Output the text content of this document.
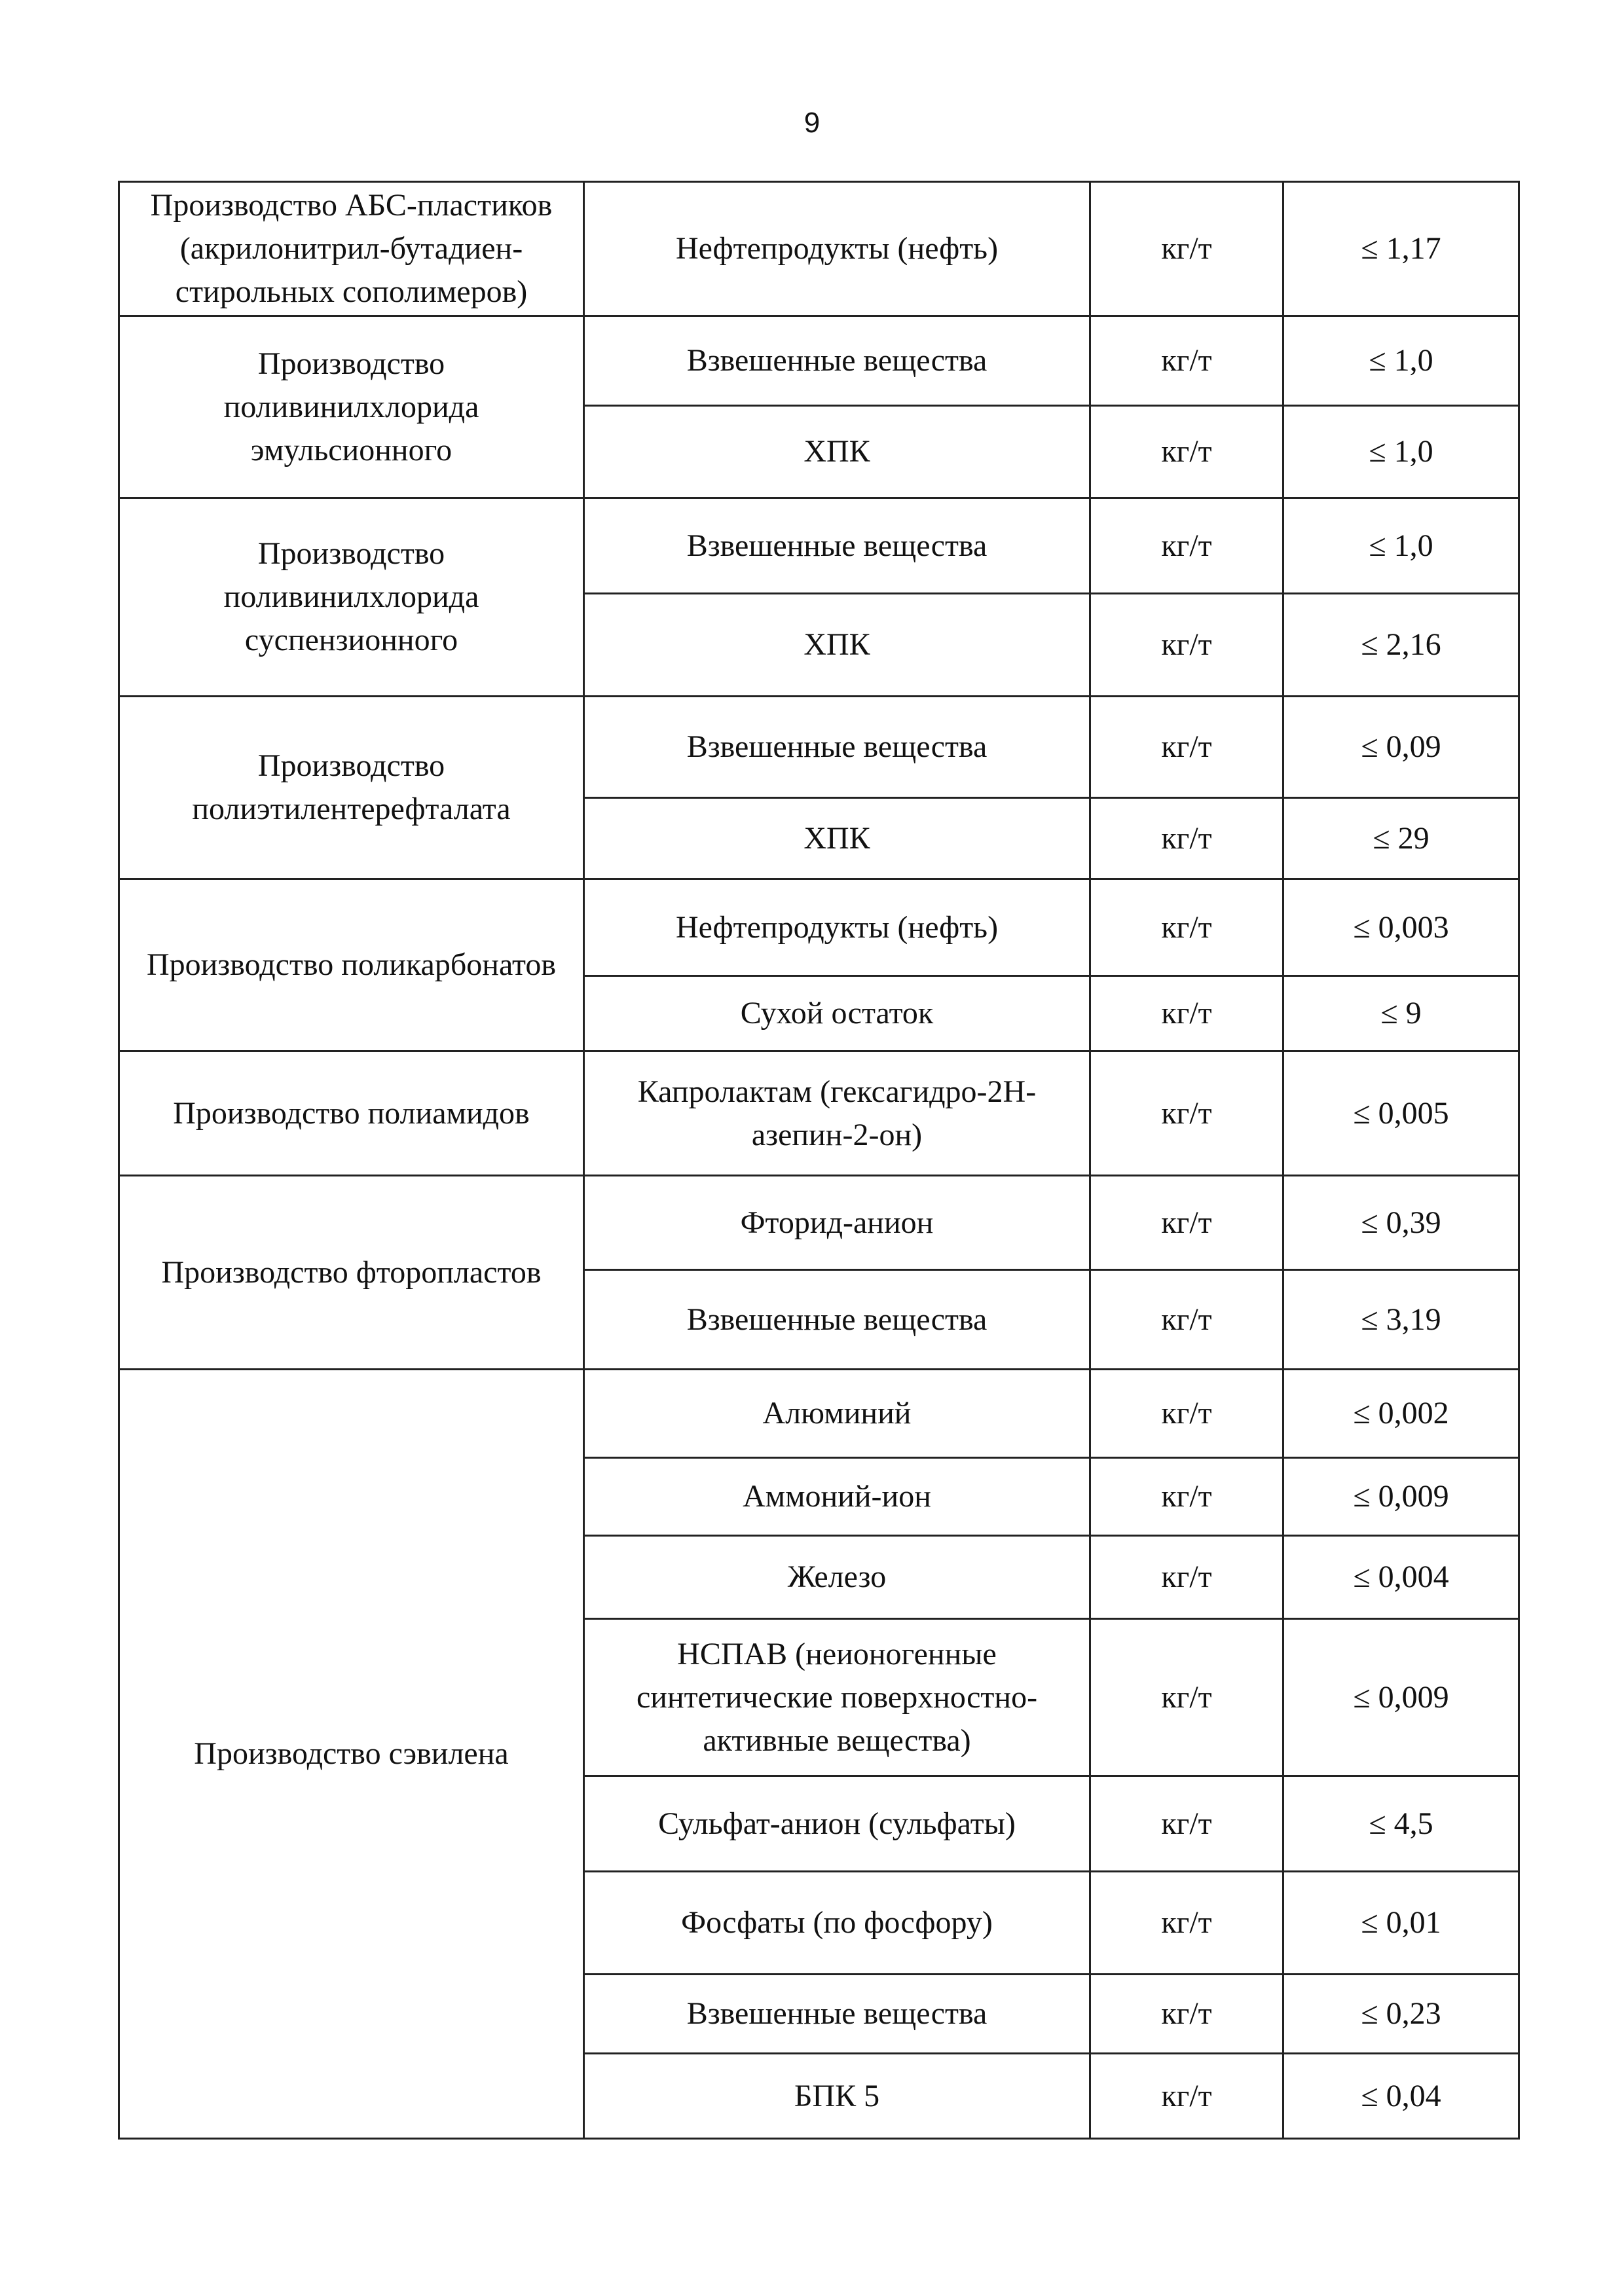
9
Производство АБС-пластиков (акрилонитрил-бутадиен-стирольных сополимеров)	Нефтепродукты (нефть)	кг/т	≤ 1,17
Производство поливинилхлорида эмульсионного	Взвешенные вещества	кг/т	≤ 1,0
	ХПК	кг/т	≤ 1,0
Производство поливинилхлорида суспензионного	Взвешенные вещества	кг/т	≤ 1,0
	ХПК	кг/т	≤ 2,16
Производство полиэтилентерефталата	Взвешенные вещества	кг/т	≤ 0,09
	ХПК	кг/т	≤ 29
Производство поликарбонатов	Нефтепродукты (нефть)	кг/т	≤ 0,003
	Сухой остаток	кг/т	≤ 9
Производство полиамидов	Капролактам (гексагидро-2Н-азепин-2-он)	кг/т	≤ 0,005
Производство фторопластов	Фторид-анион	кг/т	≤ 0,39
	Взвешенные вещества	кг/т	≤ 3,19
Производство сэвилена	Алюминий	кг/т	≤ 0,002
	Аммоний-ион	кг/т	≤ 0,009
	Железо	кг/т	≤ 0,004
	НСПАВ (неионогенные синтетические поверхностно-активные вещества)	кг/т	≤ 0,009
	Сульфат-анион (сульфаты)	кг/т	≤ 4,5
	Фосфаты (по фосфору)	кг/т	≤ 0,01
	Взвешенные вещества	кг/т	≤ 0,23
	БПК 5	кг/т	≤ 0,04
